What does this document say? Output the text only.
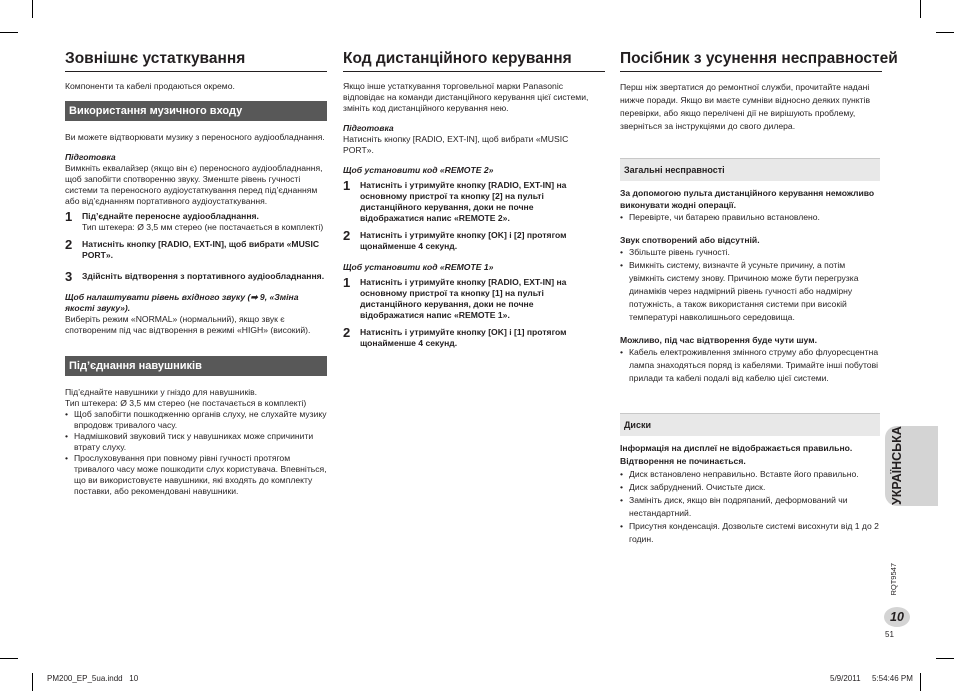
Зовнішнє устаткування

Компоненти та кабелі продаються окремо.

Використання музичного входу

Ви можете відтворювати музику з переносного аудіообладнання.

Підготовка

Вимкніть еквалайзер (якщо він є) переносного аудіообладнання, щоб запобігти спотворенню звуку. Зменште рівень гучності системи та переносного аудіоустаткування перед під’єднанням або від’єднанням портативного аудіоустаткування.

1 Під’єднайте переносне аудіообладнання.

Тип штекера: Ø 3,5 мм стерео (не постачається в комплекті)

2 Натисніть кнопку [RADIO, EXT-IN], щоб вибрати «MUSIC PORT».

3 Здійсніть відтворення з портативного аудіообладнання.

Щоб налаштувати рівень вхідного звуку (➡ 9, «Зміна якості звуку»).

Виберіть режим «NORMAL» (нормальний), якщо звук є спотвореним під час відтворення в режимі «HIGH» (високий).

Під’єднання навушників

Під’єднайте навушники у гніздо для навушників.

Тип штекера: Ø 3,5 мм стерео (не постачається в комплекті)

• Щоб запобігти пошкодженню органів слуху, не слухайте музику впродовж тривалого часу.
• Надмішковий звуковий тиск у навушниках може спричинити втрату слуху.
• Прослуховування при повному рівні гучності протягом тривалого часу може пошкодити слух користувача. Впевніться, що ви використовуєте навушники, які входять до комплекту поставки, або рекомендовані навушники.
Код дистанційного керування

Якщо інше устаткування торговельної марки Panasonic відповідає на команди дистанційного керування цієї системи, змініть код дистанційного керування нею.

Підготовка

Натисніть кнопку [RADIO, EXT-IN], щоб вибрати «MUSIC PORT».

Щоб установити код «REMOTE 2»

1 Натисніть і утримуйте кнопку [RADIO, EXT-IN] на основному пристрої та кнопку [2] на пульті дистанційного керування, доки не почне відображатися напис «REMOTE 2».

2 Натисніть і утримуйте кнопку [OK] і [2] протягом щонайменше 4 секунд.

Щоб установити код «REMOTE 1»

1 Натисніть і утримуйте кнопку [RADIO, EXT-IN] на основному пристрої та кнопку [1] на пульті дистанційного керування, доки не почне відображатися напис «REMOTE 1».

2 Натисніть і утримуйте кнопку [OK] і [1] протягом щонайменше 4 секунд.

Посібник з усунення несправностей

Перш ніж звертатися до ремонтної служби, прочитайте надані нижче поради. Якщо ви маєте сумніви відносно деяких пунктів перевірки, або якщо перелічені дії не вирішують проблему, зверніться за інструкціями до свого дилера.

Загальні несправності

За допомогою пульта дистанційного керування неможливо виконувати жодні операції.

• Перевірте, чи батарею правильно встановлено.

Звук спотворений або відсутній.

• Збільште рівень гучності.
• Вимкніть систему, визначте й усуньте причину, а потім увімкніть систему знову. Причиною може бути перегрузка динаміків через надмірний рівень гучності або надмірну потужність, а також використання системи при високій температурі навколишнього середовища.

Можливо, під час відтворення буде чути шум.

• Кабель електроживлення змінного струму або флуоресцентна лампа знаходяться поряд із кабелями. Тримайте інші побутові прилади та кабелі подалі від кабелю цієї системи.
Диски

Інформація на дисплеї не відображається правильно. Відтворення не починається.

• Диск встановлено неправильно. Вставте його правильно.
• Диск забруднений. Очистьте диск.
• Замініть диск, якщо він подряпаний, деформований чи нестандартний.
• Присутня конденсація. Дозвольте системі висохнути від 1 до 2 годин.
УКРАЇНСЬКА
RQT9547
10
51
PM200_EP_5ua.indd   10	5/9/2011 5:54:46 PM
